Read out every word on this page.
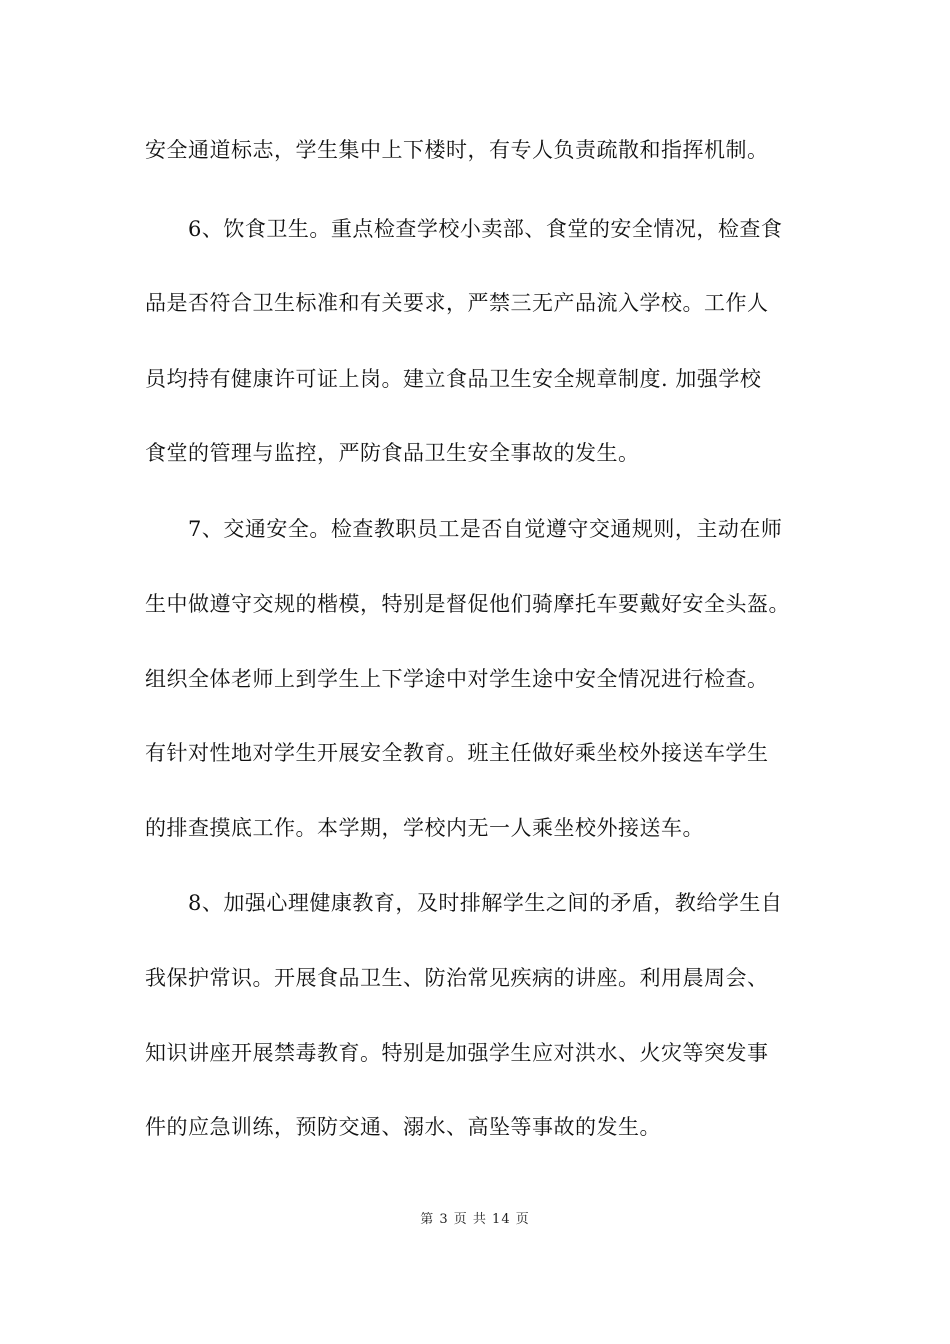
安全通道标志，学生集中上下楼时，有专人负责疏散和指挥机制。
6、饮食卫生。重点检查学校小卖部、食堂的安全情况，检查食
品是否符合卫生标准和有关要求，严禁三无产品流入学校。工作人
员均持有健康许可证上岗。建立食品卫生安全规章制度. 加强学校
食堂的管理与监控，严防食品卫生安全事故的发生。
7、交通安全。检查教职员工是否自觉遵守交通规则，主动在师
生中做遵守交规的楷模，特别是督促他们骑摩托车要戴好安全头盔。
组织全体老师上到学生上下学途中对学生途中安全情况进行检查。
有针对性地对学生开展安全教育。班主任做好乘坐校外接送车学生
的排查摸底工作。本学期，学校内无一人乘坐校外接送车。
8、加强心理健康教育，及时排解学生之间的矛盾，教给学生自
我保护常识。开展食品卫生、防治常见疾病的讲座。利用晨周会、
知识讲座开展禁毒教育。特别是加强学生应对洪水、火灾等突发事
件的应急训练，预防交通、溺水、高坠等事故的发生。
第 3 页 共 14 页
